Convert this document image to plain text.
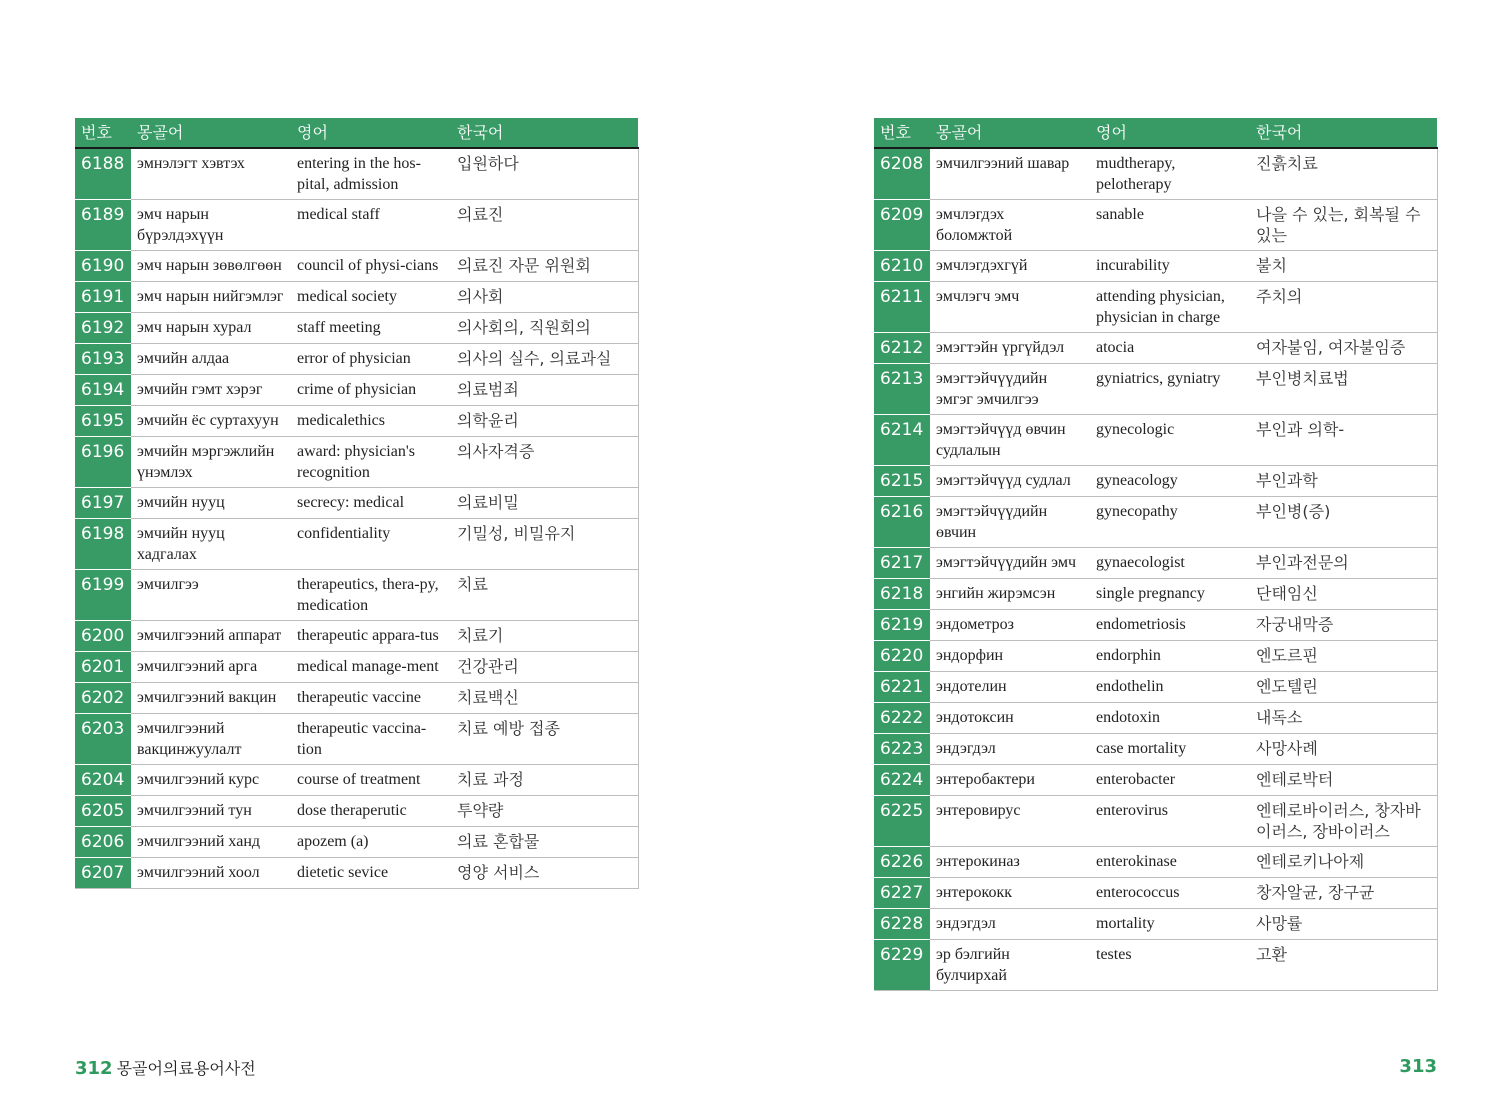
번호	몽골어	영어	한국어
6188	эмнэлэгт хэвтэх	entering in the hos-pital, admission	입원하다
6189	эмч нарын бүрэлдэхүүн	medical staff	의료진
6190	эмч нарын зөвөлгөөн	council of physi-cians	의료진 자문 위원회
6191	эмч нарын нийгэмлэг	medical society	의사회
6192	эмч нарын хурал	staff meeting	의사회의, 직원회의
6193	эмчийн алдаа	error of physician	의사의 실수, 의료과실
6194	эмчийн гэмт хэрэг	crime of physician	의료범죄
6195	эмчийн ёс суртахуун	medicalethics	의학윤리
6196	эмчийн мэргэжлийн үнэмлэх	award: physician's recognition	의사자격증
6197	эмчийн нууц	secrecy: medical	의료비밀
6198	эмчийн нууц хадгалах	confidentiality	기밀성, 비밀유지
6199	эмчилгээ	therapeutics, thera-py, medication	치료
6200	эмчилгээний аппарат	therapeutic appara-tus	치료기
6201	эмчилгээний арга	medical manage-ment	건강관리
6202	эмчилгээний вакцин	therapeutic vaccine	치료백신
6203	эмчилгээний вакцинжуулалт	therapeutic vaccina-tion	치료 예방 접종
6204	эмчилгээний курс	course of treatment	치료 과정
6205	эмчилгээний тун	dose theraperutic	투약량
6206	эмчилгээний ханд	apozem (a)	의료 혼합물
6207	эмчилгээний хоол	dietetic sevice	영양 서비스
번호	몽골어	영어	한국어
6208	эмчилгээний шавар	mudtherapy, pelotherapy	진흙치료
6209	эмчлэгдэх боломжтой	sanable	나을 수 있는, 회복될 수 있는
6210	эмчлэгдэхгүй	incurability	불치
6211	эмчлэгч эмч	attending physician, physician in charge	주치의
6212	эмэгтэйн үргүйдэл	atocia	여자불임, 여자불임증
6213	эмэгтэйчүүдийн эмгэг эмчилгээ	gyniatrics, gyniatry	부인병치료법
6214	эмэгтэйчүүд өвчин судлалын	gynecologic	부인과 의학-
6215	эмэгтэйчүүд судлал	gyneacology	부인과학
6216	эмэгтэйчүүдийн өвчин	gynecopathy	부인병(증)
6217	эмэгтэйчүүдийн эмч	gynaecologist	부인과전문의
6218	энгийн жирэмсэн	single pregnancy	단태임신
6219	эндометроз	endometriosis	자궁내막증
6220	эндорфин	endorphin	엔도르핀
6221	эндотелин	endothelin	엔도텔린
6222	эндотоксин	endotoxin	내독소
6223	эндэгдэл	case mortality	사망사례
6224	энтеробактери	enterobacter	엔테로박터
6225	энтеровирус	enterovirus	엔테로바이러스, 창자바이러스, 장바이러스
6226	энтерокиназ	enterokinase	엔테로키나아제
6227	энтерококк	enterococcus	창자알균, 장구균
6228	эндэгдэл	mortality	사망률
6229	эр бэлгийн булчирхай	testes	고환
312 몽골어의료용어사전	313
